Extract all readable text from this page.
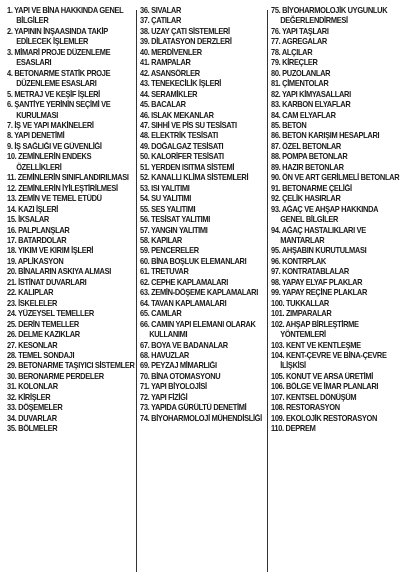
1. YAPI VE BİNA HAKKINDA GENEL
BİLGİLER
2. YAPININ İNŞAASINDA TAKİP
EDİLECEK İŞLEMLER
3. MİMARİ PROJE DÜZENLEME
ESASLARI
4. BETONARME STATİK PROJE
DÜZENLEME ESASLARI
5. METRAJ VE KEŞİF İŞLERİ
6. ŞANTİYE YERİNİN SEÇİMİ VE
KURULMASI
7. İŞ VE YAPI MAKİNELERİ
8. YAPI DENETİMİ
9. İŞ SAĞLIĞI VE GÜVENLİĞİ
10. ZEMİNLERİN ENDEKS
ÖZELLİKLERİ
11. ZEMİNLERİN SINIFLANDIRILMASI
12. ZEMİNLERİN İYİLEŞTİRİLMESİ
13. ZEMİN VE TEMEL ETÜDÜ
14. KAZI İŞLERİ
15. İKSALAR
16. PALPLANŞLAR
17. BATARDOLAR
18. YIKIM VE KIRIM İŞLERİ
19. APLİKASYON
20. BİNALARIN ASKIYA ALMASI
21. İSTİNAT DUVARLARI
22. KALIPLAR
23. İSKELELER
24. YÜZEYSEL TEMELLER
25. DERİN TEMELLER
26. DELME KAZIKLAR
27. KESONLAR
28. TEMEL SONDAJI
29. BETONARME TAŞIYICI SİSTEMLER
30. BERONARME PERDELER
31. KOLONLAR
32. KİRİŞLER
33. DÖŞEMELER
34. DUVARLAR
35. BÖLMELER
36. SIVALAR
37. ÇATILAR
38. UZAY ÇATI SİSTEMLERİ
39. DİLATASYON DERZLERİ
40. MERDİVENLER
41. RAMPALAR
42. ASANSÖRLER
43. TENEKECİLİK İŞLERİ
44. SERAMİKLER
45. BACALAR
46. ISLAK MEKANLAR
47. SIHHİ VE PİS SU TESİSATI
48. ELEKTRİK TESİSATI
49. DOĞALGAZ TESİSATI
50. KALORİFER TESİSATI
51. YERDEN ISITMA SİSTEMİ
52. KANALLI KLİMA SİSTEMLERİ
53. ISI YALITIMI
54. SU YALITIMI
55. SES YALITIMI
56. TESİSAT YALITIMI
57. YANGIN YALITIMI
58. KAPILAR
59. PENCERELER
60. BİNA BOŞLUK ELEMANLARI
61. TRETUVAR
62. CEPHE KAPLAMALARI
63. ZEMİN-DÖŞEME KAPLAMALARI
64. TAVAN KAPLAMALARI
65. CAMLAR
66. CAMIN YAPI ELEMANI OLARAK
KULLANIMI
67. BOYA VE BADANALAR
68. HAVUZLAR
69. PEYZAJ MİMARLIĞI
70. BİNA OTOMASYONU
71. YAPI BİYOLOJİSİ
72. YAPI FİZİĞİ
73. YAPIDA GÜRÜLTÜ DENETİMİ
74. BİYOHARMOLOJİ MÜHENDİSLİĞİ
75. BİYOHARMOLOJİK UYGUNLUK
DEĞERLENDİRMESİ
76. YAPI TAŞLARI
77. AGREGALAR
78. ALÇILAR
79. KİREÇLER
80. PUZOLANLAR
81. ÇİMENTOLAR
82. YAPI KİMYASALLARI
83. KARBON ELYAFLAR
84. CAM ELYAFLAR
85. BETON
86. BETON KARIŞIM HESAPLARI
87. ÖZEL BETONLAR
88. POMPA BETONLAR
89. HAZIR BETONLAR
90. ÖN VE ART GERİLMELİ BETONLAR
91. BETONARME ÇELİĞİ
92. ÇELİK HASIRLAR
93. AĞAÇ VE AHŞAP HAKKINDA
GENEL BİLGİLER
94. AĞAÇ HASTALIKLARI VE
MANTARLAR
95. AHŞABIN KURUTULMASI
96. KONTRPLAK
97. KONTRATABLALAR
98. YAPAY ELYAF PLAKLAR
99. YAPAY REÇİNE PLAKLAR
100. TUKKALLAR
101. ZIMPARALAR
102. AHŞAP BİRLEŞTİRME
YÖNTEMLERİ
103. KENT VE KENTLEŞME
104. KENT-ÇEVRE VE BİNA-ÇEVRE
İLİŞKİSİ
105. KONUT VE ARSA ÜRETİMİ
106. BÖLGE VE İMAR PLANLARI
107. KENTSEL DÖNÜŞÜM
108. RESTORASYON
109. EKOLOJİK RESTORASYON
110. DEPREM
